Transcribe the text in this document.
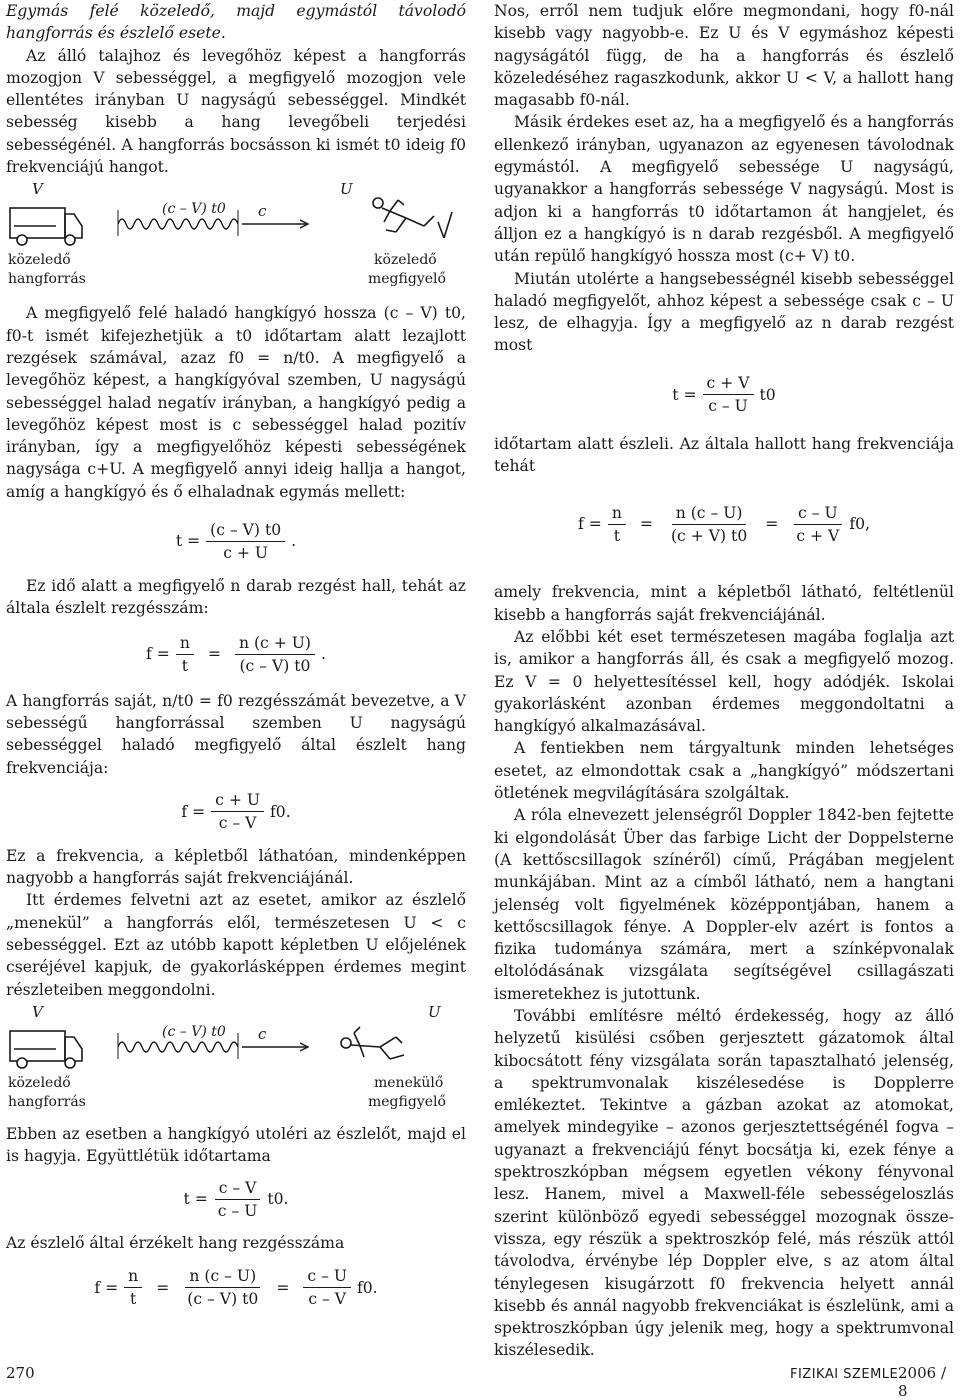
Egymás felé közeledő, majd egymástól távolodó hangforrás és észlelő esete.

Az álló talajhoz és levegőhöz képest a hangforrás mozogjon V sebességgel, a megfigyelő mozogjon vele ellentétes irányban U nagyságú sebességgel. Mindkét sebesség kisebb a hang levegőbeli terjedési sebességénél. A hangforrás bocsásson ki ismét t0 ideig f0 frekvenciájú hangot.

V	U
(c – V) t0 c
közeledő
hangforrás
közeledő
megfigyelő

A megfigyelő felé haladó hangkígyó hossza (c – V) t0, f0-t ismét kifejezhetjük a t0 időtartam alatt lezajlott rezgések számával, azaz f0 = n/t0. A megfigyelő a levegőhöz képest, a hangkígyóval szemben, U nagyságú sebességgel halad negatív irányban, a hangkígyó pedig a levegőhöz képest most is c sebességgel halad pozitív irányban, így a megfigyelőhöz képesti sebességének nagysága c+U. A megfigyelő annyi ideig hallja a hangot, amíg a hangkígyó és ő elhaladnak egymás mellett:

$t = \frac{(c - V) t0}{c + U}$ .

Ez idő alatt a megfigyelő n darab rezgést hall, tehát az általa észlelt rezgésszám:

$f = \frac{n}{t} = \frac{n (c + U)}{(c - V) t0}$ .

A hangforrás saját, n/t0 = f0 rezgésszámát bevezetve, a V sebességű hangforrással szemben U nagyságú sebességgel haladó megfigyelő által észlelt hang frekvenciája:

$f = \frac{c + U}{c - V} f0$.

Ez a frekvencia, a képletből láthatóan, mindenképpen nagyobb a hangforrás saját frekvenciájánál.

Itt érdemes felvetni azt az esetet, amikor az észlelő „menekül” a hangforrás elől, természetesen U < c sebességgel. Ezt az utóbb kapott képletben U előjelének cseréjével kapjuk, de gyakorlásképpen érdemes megint részleteiben meggondolni.

V	U
(c – V) t0 c
közeledő
hangforrás
menekülő
megfigyelő

Ebben az esetben a hangkígyó utoléri az észlelőt, majd el is hagyja. Együttlétük időtartama

$t = \frac{c - V}{c - U} t0$.

Az észlelő által érzékelt hang rezgésszáma

$f = \frac{n}{t} = \frac{n (c - U)}{(c - V) t0} = \frac{c - U}{c - V} f0$.

Nos, erről nem tudjuk előre megmondani, hogy f0-nál kisebb vagy nagyobb-e. Ez U és V egymáshoz képesti nagyságától függ, de ha a hangforrás és észlelő közeledéséhez ragaszkodunk, akkor U < V, a hallott hang magasabb f0-nál.

Másik érdekes eset az, ha a megfigyelő és a hangforrás ellenkező irányban, ugyanazon az egyenesen távolodnak egymástól. A megfigyelő sebessége U nagyságú, ugyanakkor a hangforrás sebessége V nagyságú. Most is adjon ki a hangforrás t0 időtartamon át hangjelet, és álljon ez a hangkígyó is n darab rezgésből. A megfigyelő után repülő hangkígyó hossza most (c+ V) t0.

Miután utolérte a hangsebességnél kisebb sebességgel haladó megfigyelőt, ahhoz képest a sebessége csak c – U lesz, de elhagyja. Így a megfigyelő az n darab rezgést most

$t = \frac{c + V}{c - U} t0$

időtartam alatt észleli. Az általa hallott hang frekvenciája tehát

$f = \frac{n}{t} = \frac{n (c - U)}{(c + V) t0} = \frac{c - U}{c + V} f0$,

amely frekvencia, mint a képletből látható, feltétlenül kisebb a hangforrás saját frekvenciájánál.

Az előbbi két eset természetesen magába foglalja azt is, amikor a hangforrás áll, és csak a megfigyelő mozog. Ez V = 0 helyettesítéssel kell, hogy adódjék. Iskolai gyakorlásként azonban érdemes meggondoltatni a hangkígyó alkalmazásával.

A fentiekben nem tárgyaltunk minden lehetséges esetet, az elmondottak csak a „hangkígyó” módszertani ötletének megvilágítására szolgáltak.

A róla elnevezett jelenségről Doppler 1842-ben fejtette ki elgondolását Über das farbige Licht der Doppelsterne (A kettőscsillagok színéről) című, Prágában megjelent munkájában. Mint az a címből látható, nem a hangtani jelenség volt figyelmének középpontjában, hanem a kettőscsillagok fénye. A Doppler-elv azért is fontos a fizika tudománya számára, mert a színképvonalak eltolódásának vizsgálata segítségével csillagászati ismeretekhez is jutottunk.

További említésre méltó érdekesség, hogy az álló helyzetű kisülési csőben gerjesztett gázatomok által kibocsátott fény vizsgálata során tapasztalható jelenség, a spektrumvonalak kiszélesedése is Dopplerre emlékeztet. Tekintve a gázban azokat az atomokat, amelyek mindegyike – azonos gerjesztettségénél fogva – ugyanazt a frekvenciájú fényt bocsátja ki, ezek fénye a spektroszkópban mégsem egyetlen vékony fényvonal lesz. Hanem, mivel a Maxwell-féle sebességeloszlás szerint különböző egyedi sebességgel mozognak össze-vissza, egy részük a spektroszkóp felé, más részük attól távolodva, érvénybe lép Doppler elve, s az atom által ténylegesen kisugárzott f0 frekvencia helyett annál kisebb és annál nagyobb frekvenciákat is észlelünk, ami a spektroszkópban úgy jelenik meg, hogy a spektrumvonal kiszélesedik.

270	FIZIKAI SZEMLE 2006 / 8
